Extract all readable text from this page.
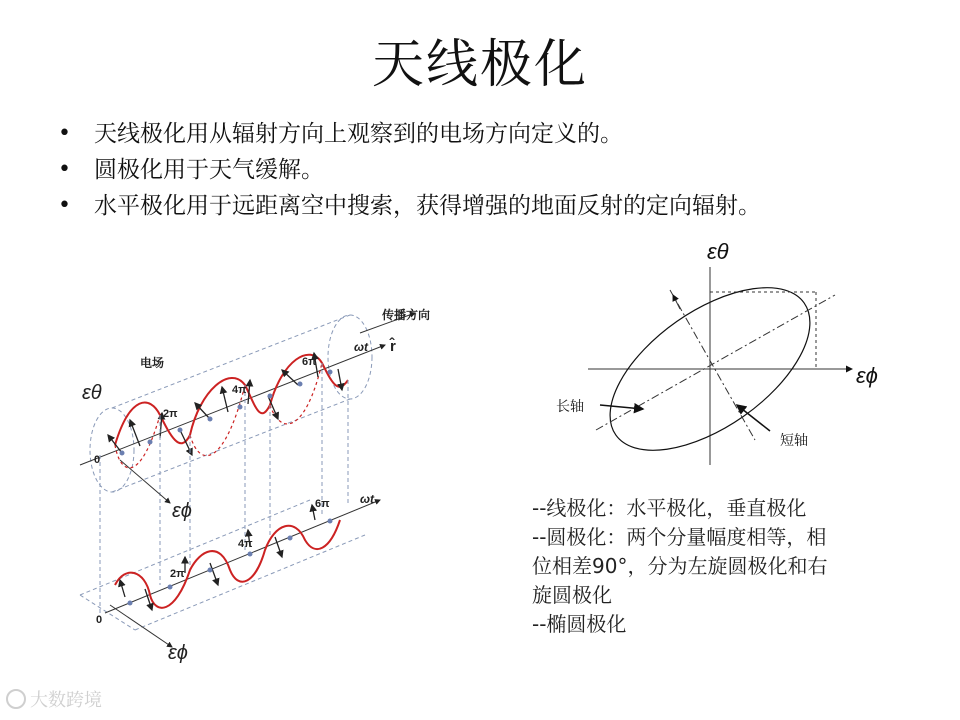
天线极化
• 天线极化用从辐射方向上观察到的电场方向定义的。
• 圆极化用于天气缓解。
• 水平极化用于远距离空中搜索，获得增强的地面反射的定向辐射。
传播方向
r̂
ωt
电场
εθ
εϕ
0
2π
4π
6π
ωt
0
2π
4π
6π
εϕ
εθ
εϕ
长轴
短轴
--线极化：水平极化，垂直极化
--圆极化：两个分量幅度相等，相
位相差90°，分为左旋圆极化和右
旋圆极化
--椭圆极化
大数跨境
